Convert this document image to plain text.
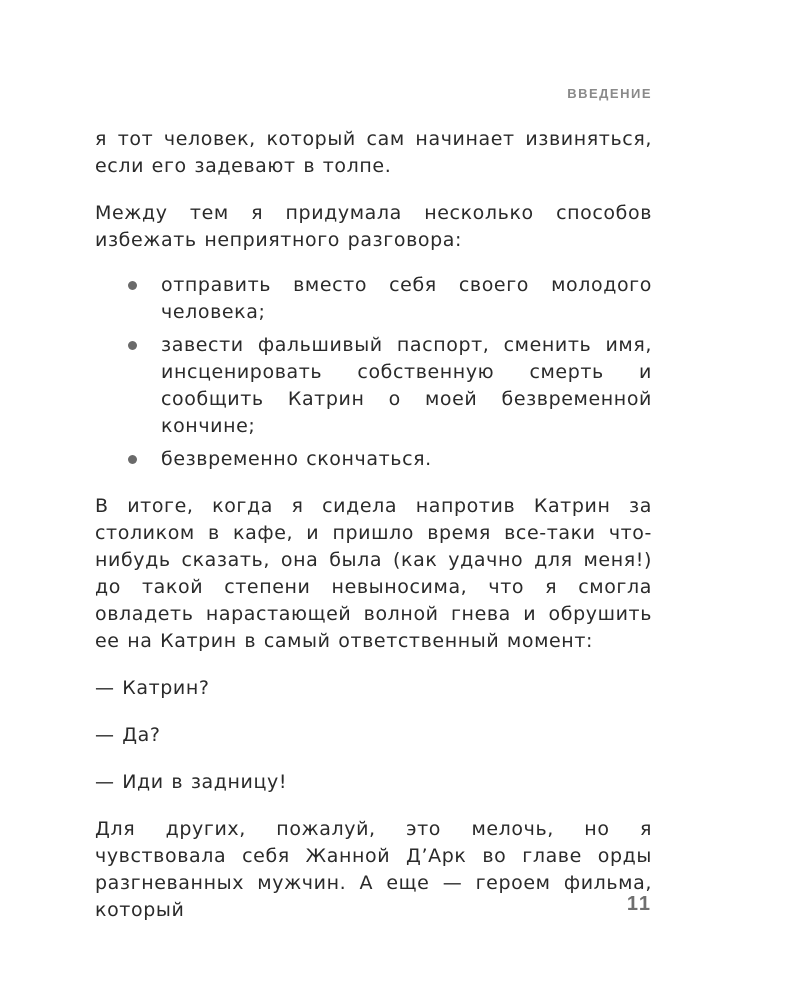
ВВЕДЕНИЕ

я тот человек, который сам начинает извиняться, если его задевают в толпе.

Между тем я придумала несколько способов избежать неприятного разговора:

отправить вместо себя своего молодого человека;
завести фальшивый паспорт, сменить имя, инсценировать собственную смерть и сообщить Катрин о моей безвременной кончине;
безвременно скончаться.

В итоге, когда я сидела напротив Катрин за столиком в кафе, и пришло время все-таки что-нибудь сказать, она была (как удачно для меня!) до такой степени невыносима, что я смогла овладеть нарастающей волной гнева и обрушить ее на Катрин в самый ответственный момент:

— Катрин?

— Да?

— Иди в задницу!

Для других, пожалуй, это мелочь, но я чувствовала себя Жанной Д’Арк во главе орды разгневанных мужчин. А еще — героем фильма, который	11
